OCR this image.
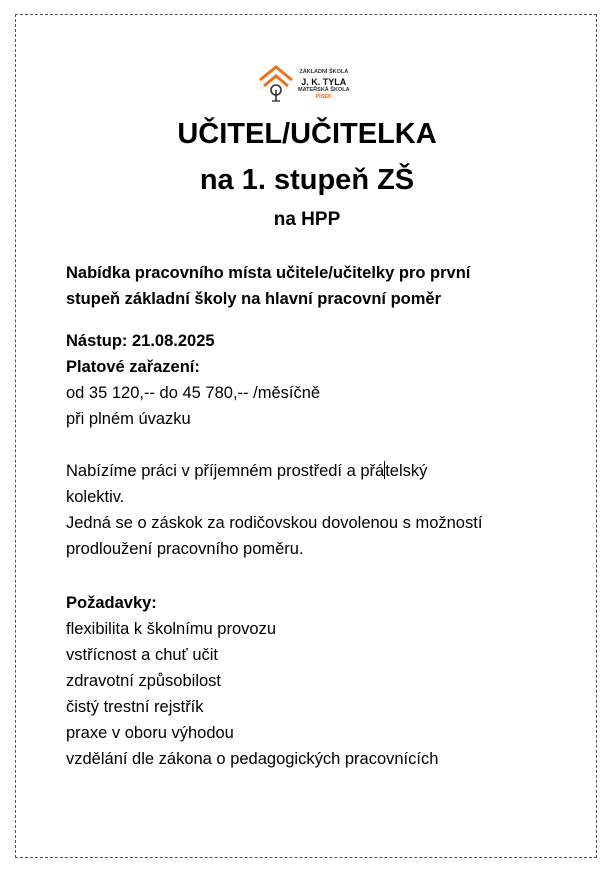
ZÁKLADNÍ ŠKOLA
J. K. TYLA
MATEŘSKÁ ŠKOLA
PÍSEK
UČITEL/UČITELKA
na 1. stupeň ZŠ
na HPP
Nabídka pracovního místa učitele/učitelky pro první
stupeň základní školy na hlavní pracovní poměr
Nástup: 21.08.2025
Platové zařazení:
od 35 120,-- do 45 780,-- /měsíčně
při plném úvazku
Nabízíme práci v příjemném prostředí a přátelský
kolektiv.
Jedná se o záskok za rodičovskou dovolenou s možností
prodloužení pracovního poměru.
Požadavky:
flexibilita k školnímu provozu
vstřícnost a chuť učit
zdravotní způsobilost
čistý trestní rejstřík
praxe v oboru výhodou
vzdělání dle zákona o pedagogických pracovnících
